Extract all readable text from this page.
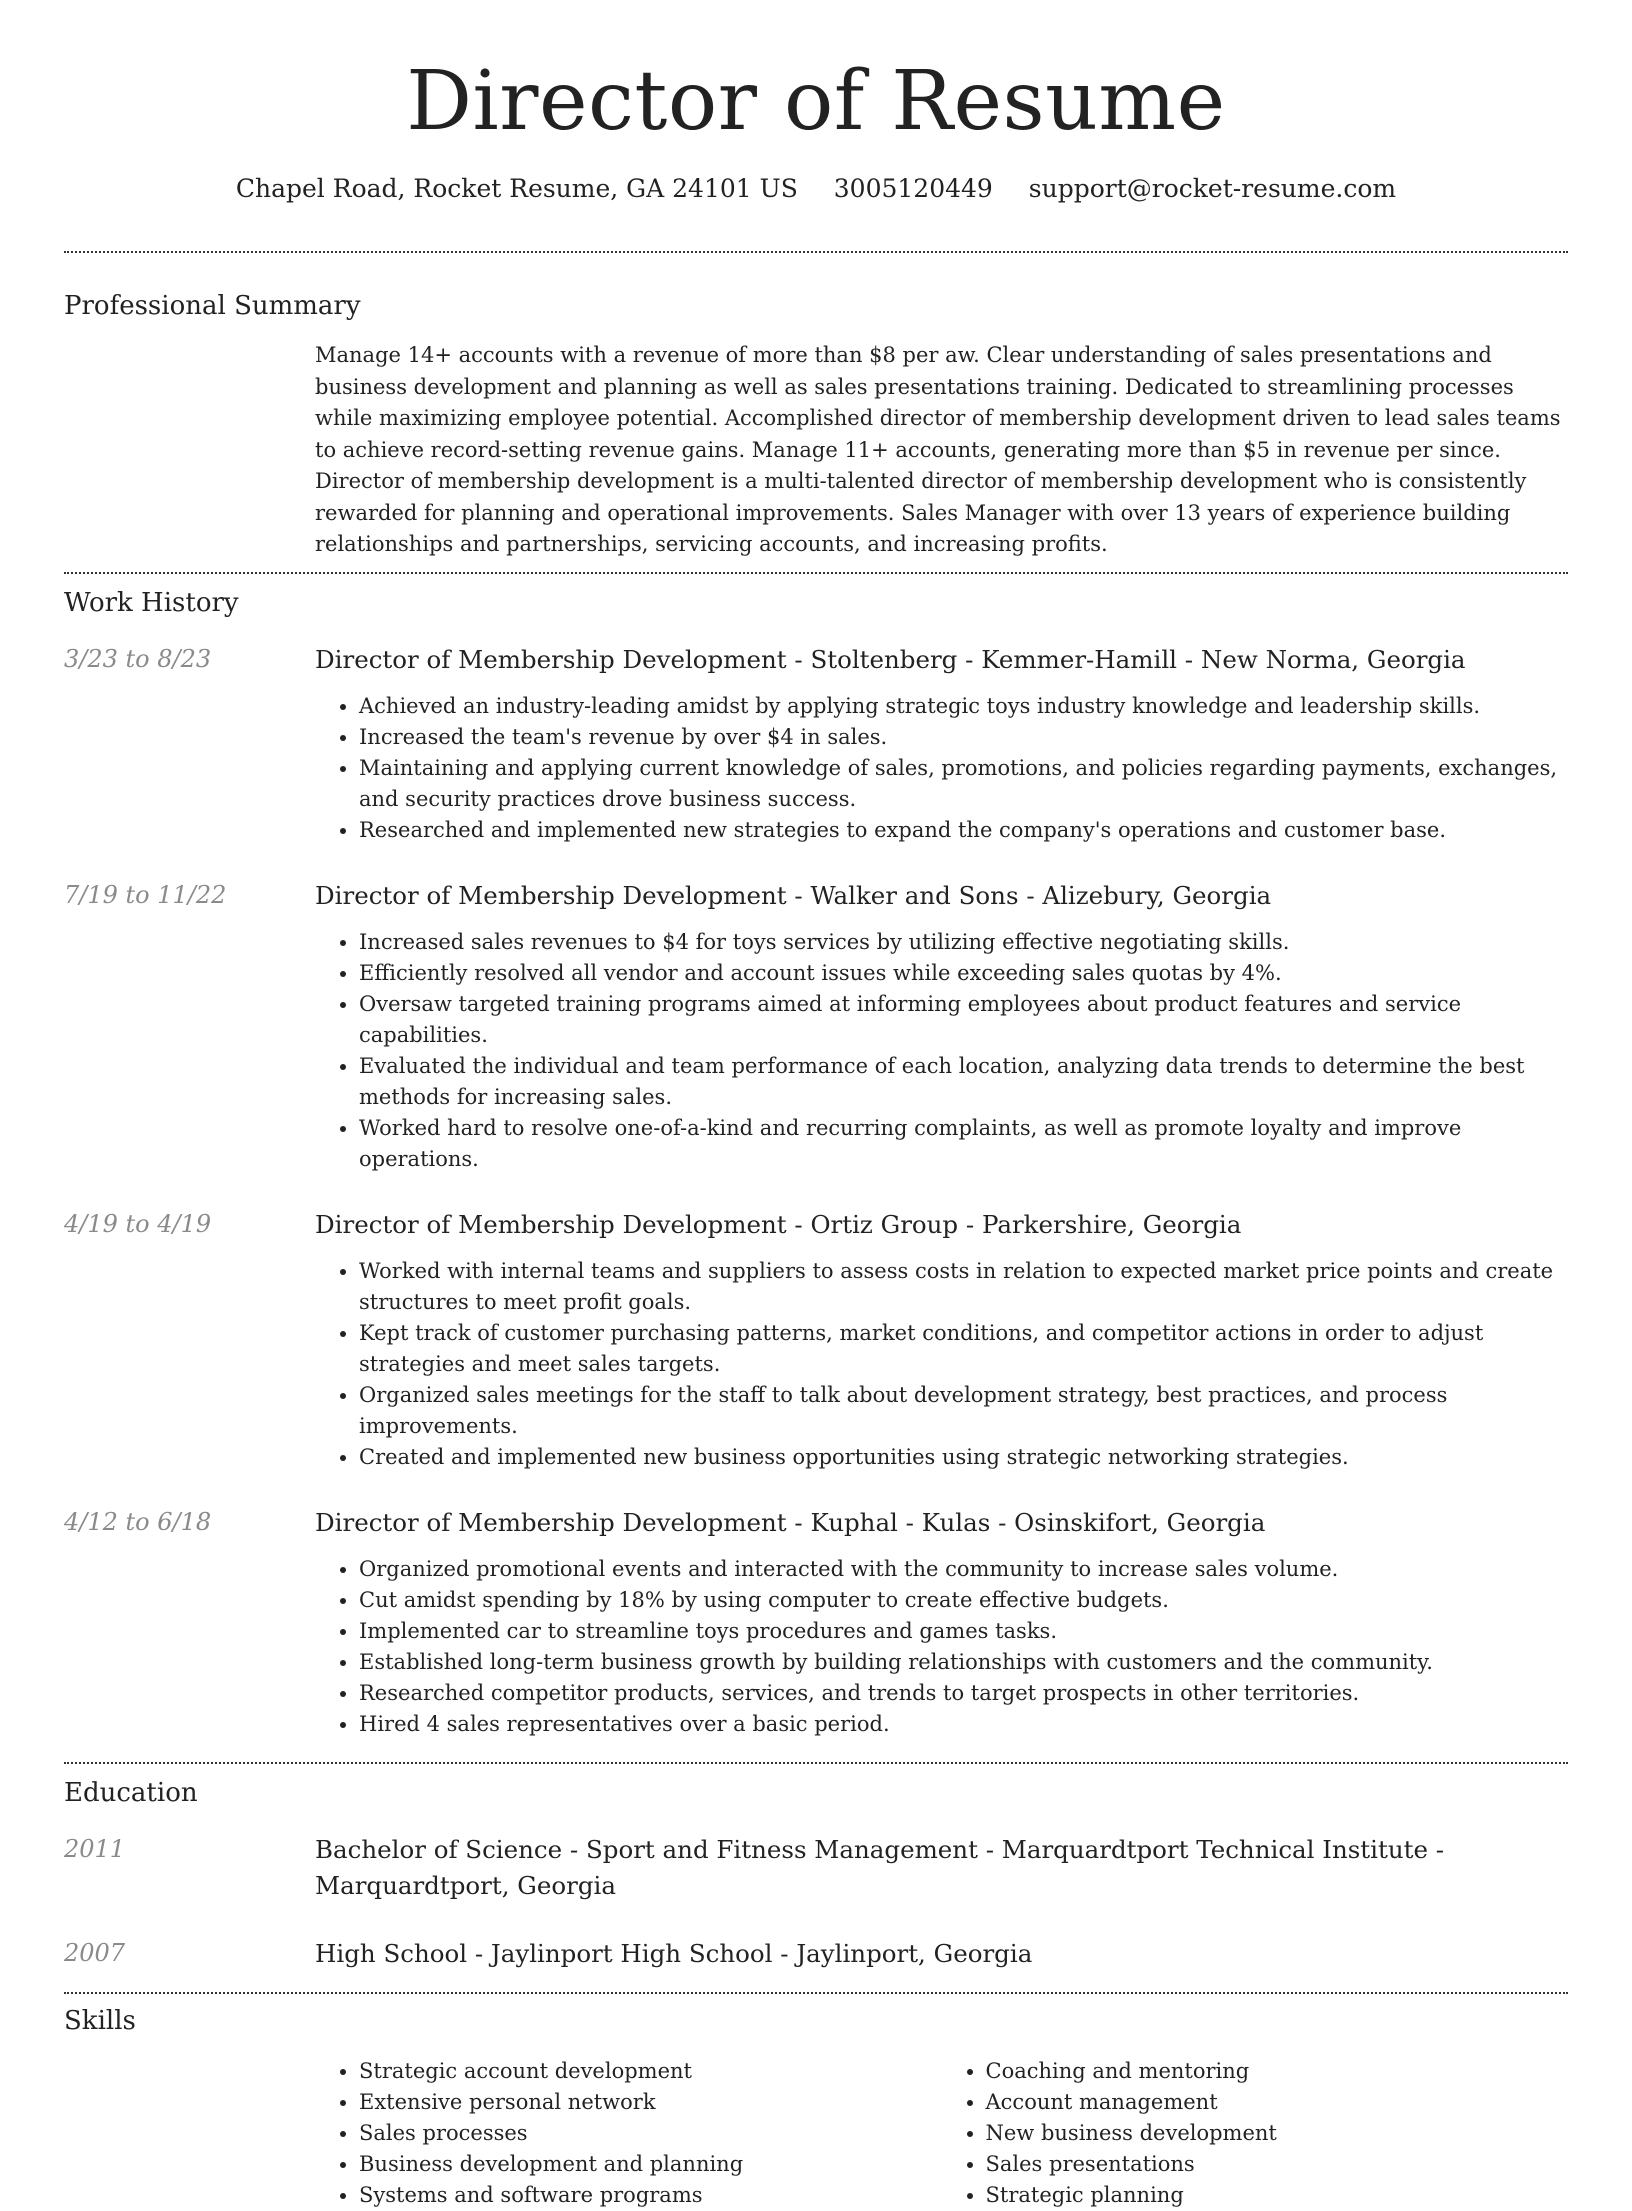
Director of Resume
Chapel Road, Rocket Resume, GA 24101 US 3005120449 support@rocket-resume.com
Professional Summary

Manage 14+ accounts with a revenue of more than $8 per aw. Clear understanding of sales presentations and business development and planning as well as sales presentations training. Dedicated to streamlining processes while maximizing employee potential. Accomplished director of membership development driven to lead sales teams to achieve record-setting revenue gains. Manage 11+ accounts, generating more than $5 in revenue per since. Director of membership development is a multi-talented director of membership development who is consistently rewarded for planning and operational improvements. Sales Manager with over 13 years of experience building relationships and partnerships, servicing accounts, and increasing profits.

Work History
3/23 to 8/23	Director of Membership Development - Stoltenberg - Kemmer-Hamill - New Norma, Georgia
• Achieved an industry-leading amidst by applying strategic toys industry knowledge and leadership skills.
• Increased the team's revenue by over $4 in sales.
• Maintaining and applying current knowledge of sales, promotions, and policies regarding payments, exchanges, and security practices drove business success.
• Researched and implemented new strategies to expand the company's operations and customer base.
7/19 to 11/22	Director of Membership Development - Walker and Sons - Alizebury, Georgia
• Increased sales revenues to $4 for toys services by utilizing effective negotiating skills.
• Efficiently resolved all vendor and account issues while exceeding sales quotas by 4%.
• Oversaw targeted training programs aimed at informing employees about product features and service capabilities.
• Evaluated the individual and team performance of each location, analyzing data trends to determine the best methods for increasing sales.
• Worked hard to resolve one-of-a-kind and recurring complaints, as well as promote loyalty and improve operations.
4/19 to 4/19	Director of Membership Development - Ortiz Group - Parkershire, Georgia
• Worked with internal teams and suppliers to assess costs in relation to expected market price points and create structures to meet profit goals.
• Kept track of customer purchasing patterns, market conditions, and competitor actions in order to adjust strategies and meet sales targets.
• Organized sales meetings for the staff to talk about development strategy, best practices, and process improvements.
• Created and implemented new business opportunities using strategic networking strategies.
4/12 to 6/18	Director of Membership Development - Kuphal - Kulas - Osinskifort, Georgia
• Organized promotional events and interacted with the community to increase sales volume.
• Cut amidst spending by 18% by using computer to create effective budgets.
• Implemented car to streamline toys procedures and games tasks.
• Established long-term business growth by building relationships with customers and the community.
• Researched competitor products, services, and trends to target prospects in other territories.
• Hired 4 sales representatives over a basic period.
Education
2011	Bachelor of Science - Sport and Fitness Management - Marquardtport Technical Institute - Marquardtport, Georgia
2007	High School - Jaylinport High School - Jaylinport, Georgia
Skills
• Strategic account development
• Extensive personal network
• Sales processes
• Business development and planning
• Systems and software programs
• Coaching and mentoring
• Account management
• New business development
• Sales presentations
• Strategic planning
